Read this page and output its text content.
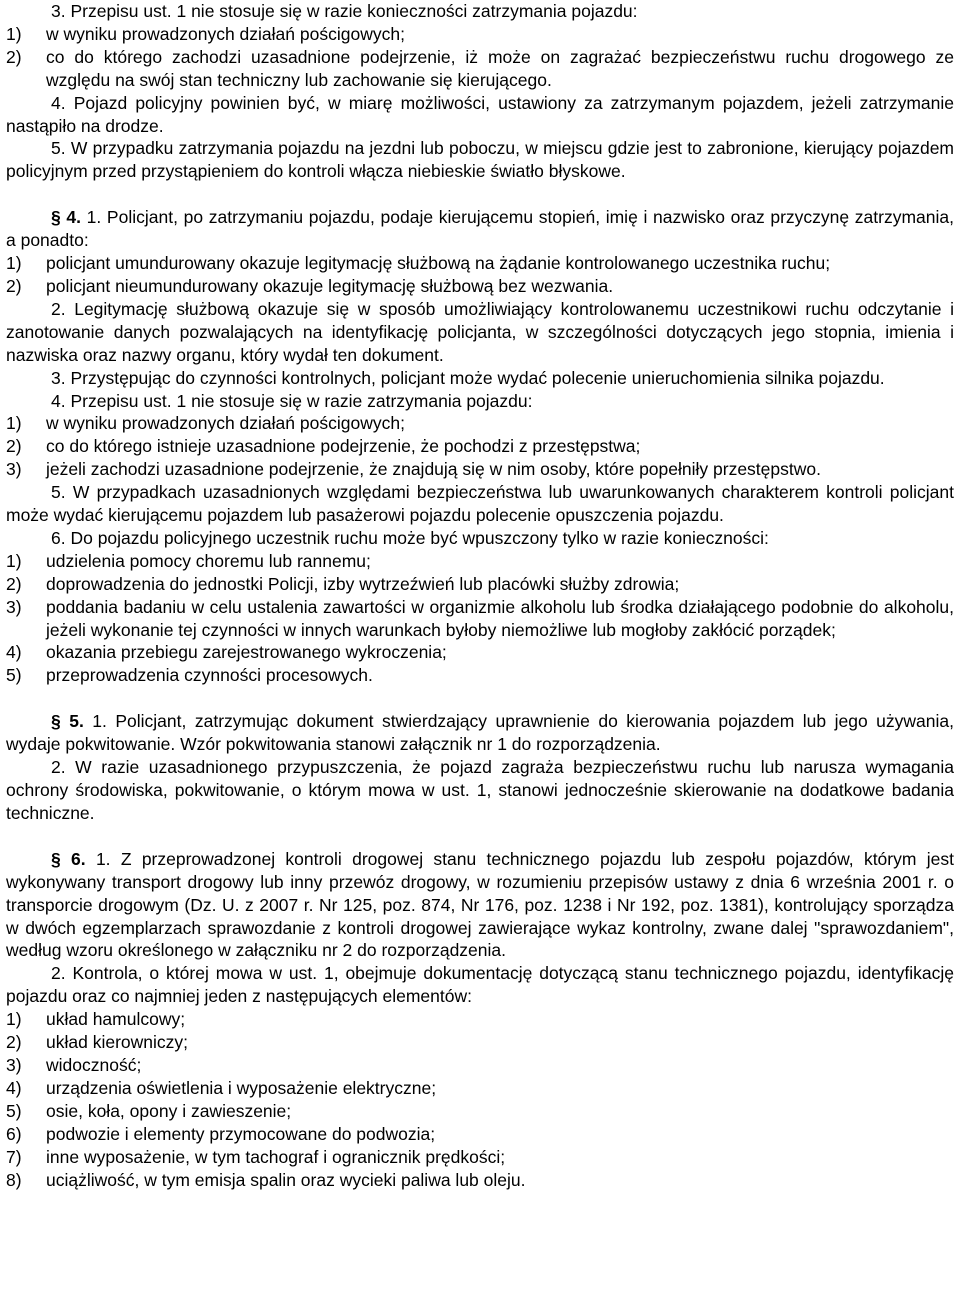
3. Przepisu ust. 1 nie stosuje się w razie konieczności zatrzymania pojazdu:

1)	w wyniku prowadzonych działań pościgowych;
2)	co do którego zachodzi uzasadnione podejrzenie, iż może on zagrażać bezpieczeństwu ruchu drogowego ze względu na swój stan techniczny lub zachowanie się kierującego.

4. Pojazd policyjny powinien być, w miarę możliwości, ustawiony za zatrzymanym pojazdem, jeżeli zatrzymanie nastąpiło na drodze.

5. W przypadku zatrzymania pojazdu na jezdni lub poboczu, w miejscu gdzie jest to zabronione, kierujący pojazdem policyjnym przed przystąpieniem do kontroli włącza niebieskie światło błyskowe.

§ 4. 1. Policjant, po zatrzymaniu pojazdu, podaje kierującemu stopień, imię i nazwisko oraz przyczynę zatrzymania, a ponadto:

1)	policjant umundurowany okazuje legitymację służbową na żądanie kontrolowanego uczestnika ruchu;
2)	policjant nieumundurowany okazuje legitymację służbową bez wezwania.

2. Legitymację służbową okazuje się w sposób umożliwiający kontrolowanemu uczestnikowi ruchu odczytanie i zanotowanie danych pozwalających na identyfikację policjanta, w szczególności dotyczących jego stopnia, imienia i nazwiska oraz nazwy organu, który wydał ten dokument.

3. Przystępując do czynności kontrolnych, policjant może wydać polecenie unieruchomienia silnika pojazdu.

4. Przepisu ust. 1 nie stosuje się w razie zatrzymania pojazdu:

1)	w wyniku prowadzonych działań pościgowych;
2)	co do którego istnieje uzasadnione podejrzenie, że pochodzi z przestępstwa;
3)	jeżeli zachodzi uzasadnione podejrzenie, że znajdują się w nim osoby, które popełniły przestępstwo.

5. W przypadkach uzasadnionych względami bezpieczeństwa lub uwarunkowanych charakterem kontroli policjant może wydać kierującemu pojazdem lub pasażerowi pojazdu polecenie opuszczenia pojazdu.

6. Do pojazdu policyjnego uczestnik ruchu może być wpuszczony tylko w razie konieczności:

1)	udzielenia pomocy choremu lub rannemu;
2)	doprowadzenia do jednostki Policji, izby wytrzeźwień lub placówki służby zdrowia;
3)	poddania badaniu w celu ustalenia zawartości w organizmie alkoholu lub środka działającego podobnie do alkoholu, jeżeli wykonanie tej czynności w innych warunkach byłoby niemożliwe lub mogłoby zakłócić porządek;
4)	okazania przebiegu zarejestrowanego wykroczenia;
5)	przeprowadzenia czynności procesowych.

§ 5. 1. Policjant, zatrzymując dokument stwierdzający uprawnienie do kierowania pojazdem lub jego używania, wydaje pokwitowanie. Wzór pokwitowania stanowi załącznik nr 1 do rozporządzenia.

2. W razie uzasadnionego przypuszczenia, że pojazd zagraża bezpieczeństwu ruchu lub narusza wymagania ochrony środowiska, pokwitowanie, o którym mowa w ust. 1, stanowi jednocześnie skierowanie na dodatkowe badania techniczne.

§ 6. 1. Z przeprowadzonej kontroli drogowej stanu technicznego pojazdu lub zespołu pojazdów, którym jest wykonywany transport drogowy lub inny przewóz drogowy, w rozumieniu przepisów ustawy z dnia 6 września 2001 r. o transporcie drogowym (Dz. U. z 2007 r. Nr 125, poz. 874, Nr 176, poz. 1238 i Nr 192, poz. 1381), kontrolujący sporządza w dwóch egzemplarzach sprawozdanie z kontroli drogowej zawierające wykaz kontrolny, zwane dalej "sprawozdaniem", według wzoru określonego w załączniku nr 2 do rozporządzenia.

2. Kontrola, o której mowa w ust. 1, obejmuje dokumentację dotyczącą stanu technicznego pojazdu, identyfikację pojazdu oraz co najmniej jeden z następujących elementów:

1)	układ hamulcowy;
2)	układ kierowniczy;
3)	widoczność;
4)	urządzenia oświetlenia i wyposażenie elektryczne;
5)	osie, koła, opony i zawieszenie;
6)	podwozie i elementy przymocowane do podwozia;
7)	inne wyposażenie, w tym tachograf i ogranicznik prędkości;
8)	uciążliwość, w tym emisja spalin oraz wycieki paliwa lub oleju.
